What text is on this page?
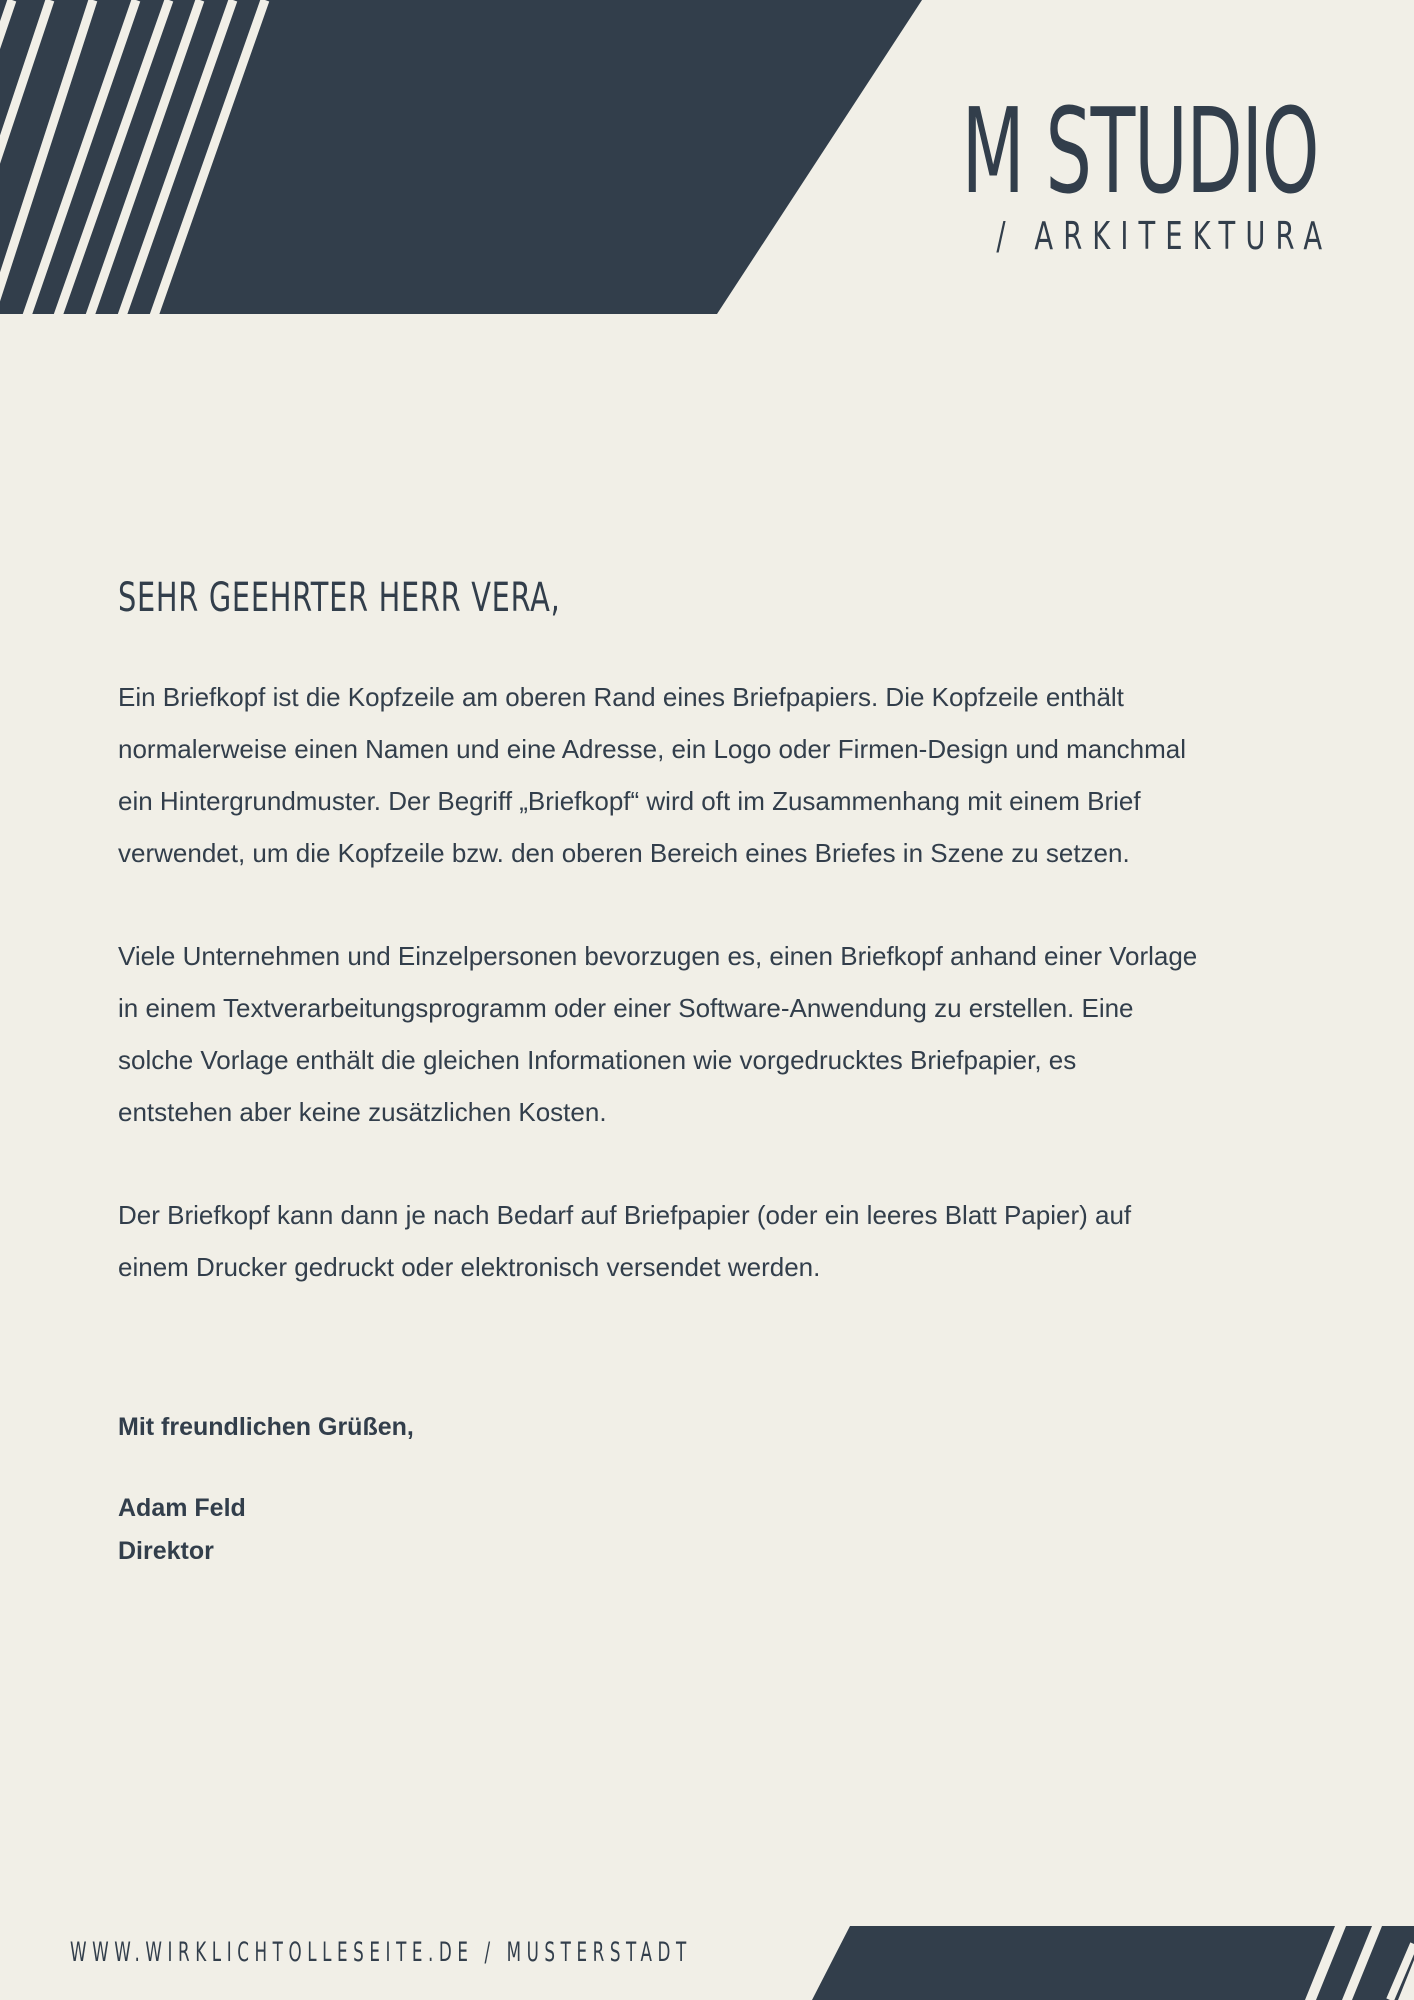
M STUDIO
/ ARKITEKTURA
SEHR GEEHRTER HERR VERA,

Ein Briefkopf ist die Kopfzeile am oberen Rand eines Briefpapiers. Die Kopfzeile enthält
normalerweise einen Namen und eine Adresse, ein Logo oder Firmen-Design und manchmal
ein Hintergrundmuster. Der Begriff „Briefkopf“ wird oft im Zusammenhang mit einem Brief
verwendet, um die Kopfzeile bzw. den oberen Bereich eines Briefes in Szene zu setzen.

Viele Unternehmen und Einzelpersonen bevorzugen es, einen Briefkopf anhand einer Vorlage
in einem Textverarbeitungsprogramm oder einer Software-Anwendung zu erstellen. Eine
solche Vorlage enthält die gleichen Informationen wie vorgedrucktes Briefpapier, es
entstehen aber keine zusätzlichen Kosten.

Der Briefkopf kann dann je nach Bedarf auf Briefpapier (oder ein leeres Blatt Papier) auf
einem Drucker gedruckt oder elektronisch versendet werden.

Mit freundlichen Grüßen,
Adam Feld
Direktor
WWW.WIRKLICHTOLLESEITE.DE / MUSTERSTADT
